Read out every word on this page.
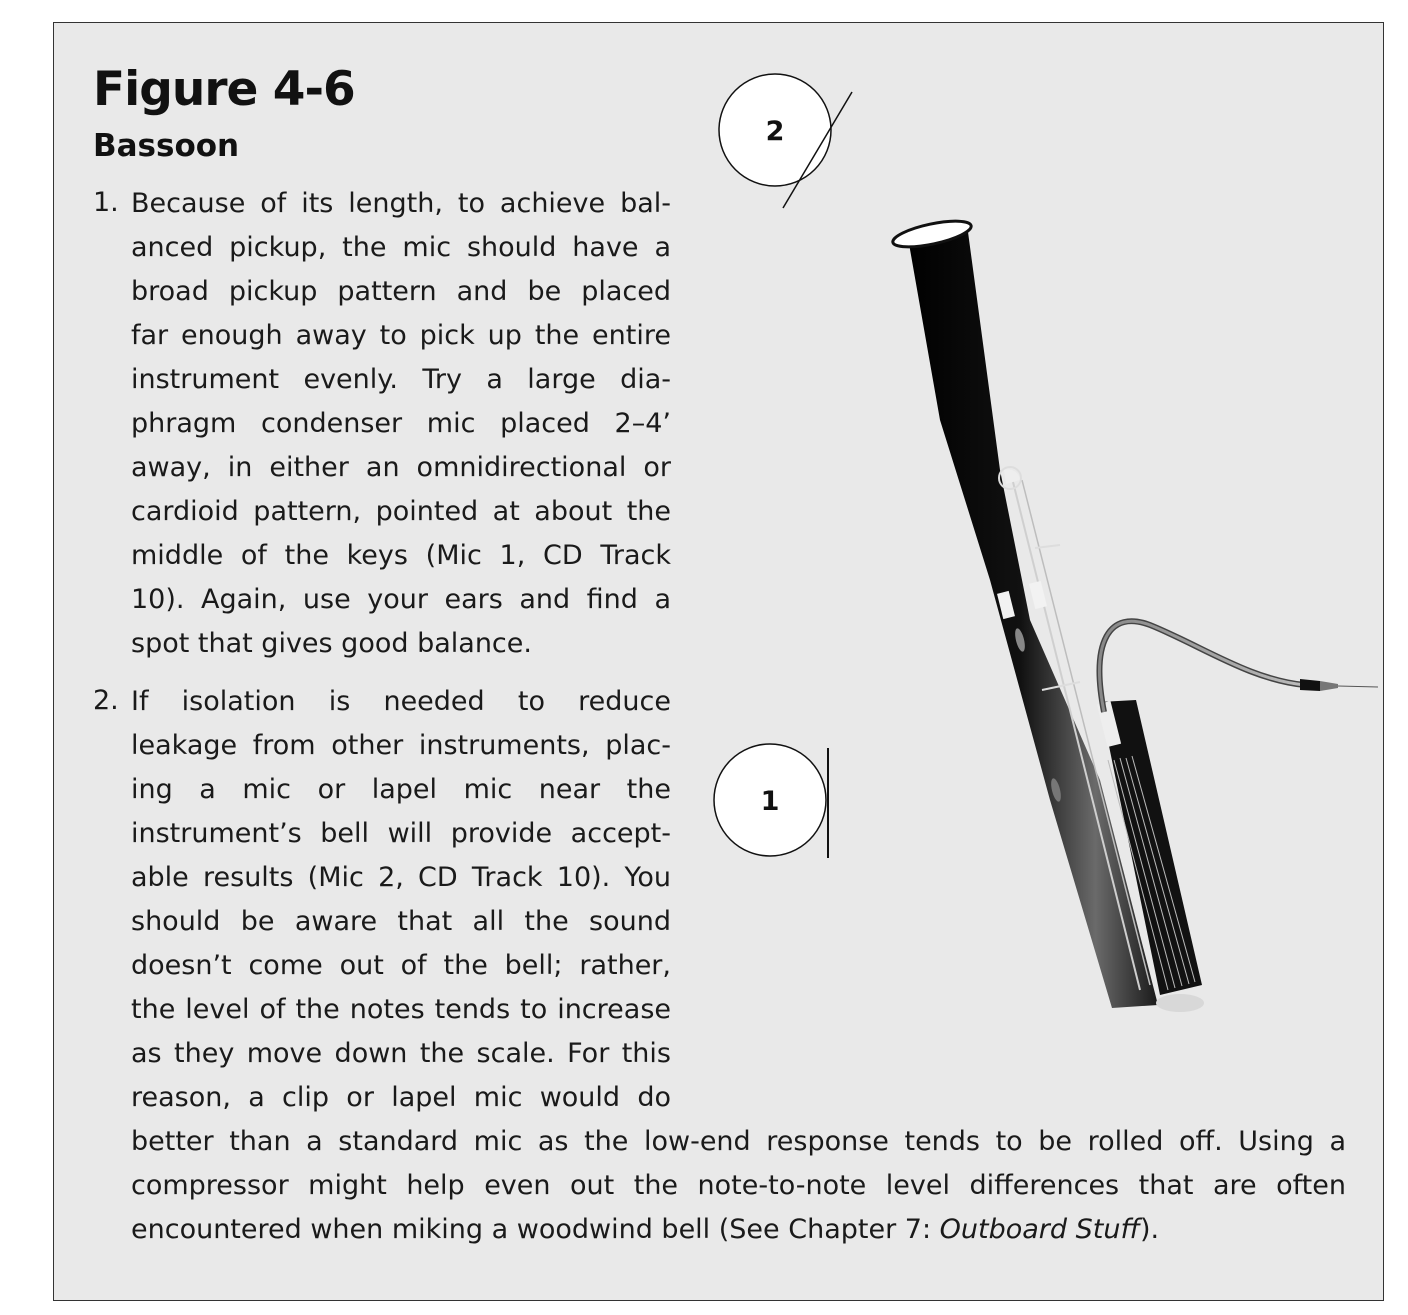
Figure 4-6
Bassoon
1. Because of its length, to achieve bal-
anced pickup, the mic should have a
broad pickup pattern and be placed
far enough away to pick up the entire
instrument evenly. Try a large dia-
phragm condenser mic placed 2–4’
away, in either an omnidirectional or
cardioid pattern, pointed at about the
middle of the keys (Mic 1, CD Track
10). Again, use your ears and find a
spot that gives good balance.
2. If isolation is needed to reduce
leakage from other instruments, plac-
ing a mic or lapel mic near the
instrument’s bell will provide accept-
able results (Mic 2, CD Track 10). You
should be aware that all the sound
doesn’t come out of the bell; rather,
the level of the notes tends to increase
as they move down the scale. For this
reason, a clip or lapel mic would do
better than a standard mic as the low-end response tends to be rolled off. Using a
compressor might help even out the note-to-note level differences that are often
encountered when miking a woodwind bell (See Chapter 7: Outboard Stuff).
2
1
